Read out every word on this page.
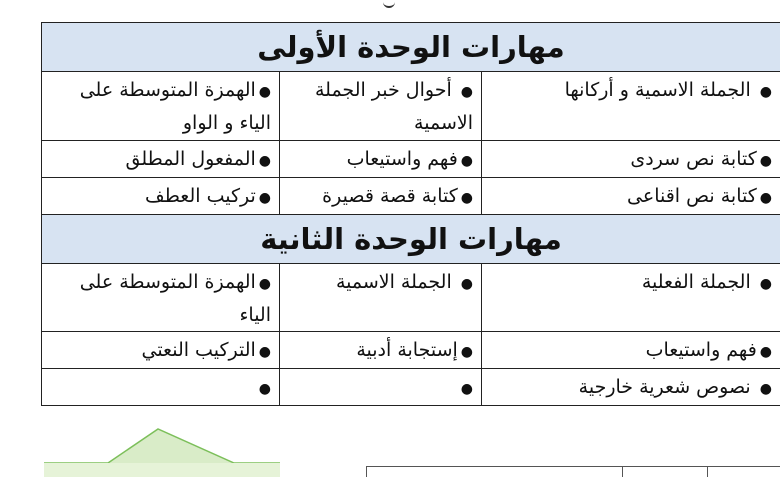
مهارات الوحدة الأولى		
● الجملة الاسمية و أركانها	● أحوال خبر الجملة الاسمية	●الهمزة المتوسطة على الياء و الواو
●كتابة نص سردى	●فهم واستيعاب	●المفعول المطلق
●كتابة نص اقناعى	●كتابة قصة قصيرة	●تركيب العطف
مهارات الوحدة الثانية		
● الجملة الفعلية	● الجملة الاسمية	●الهمزة المتوسطة على الياء
●فهم واستيعاب	●إستجابة أدبية	●التركيب النعتي
● نصوص شعرية خارجية	●	●
